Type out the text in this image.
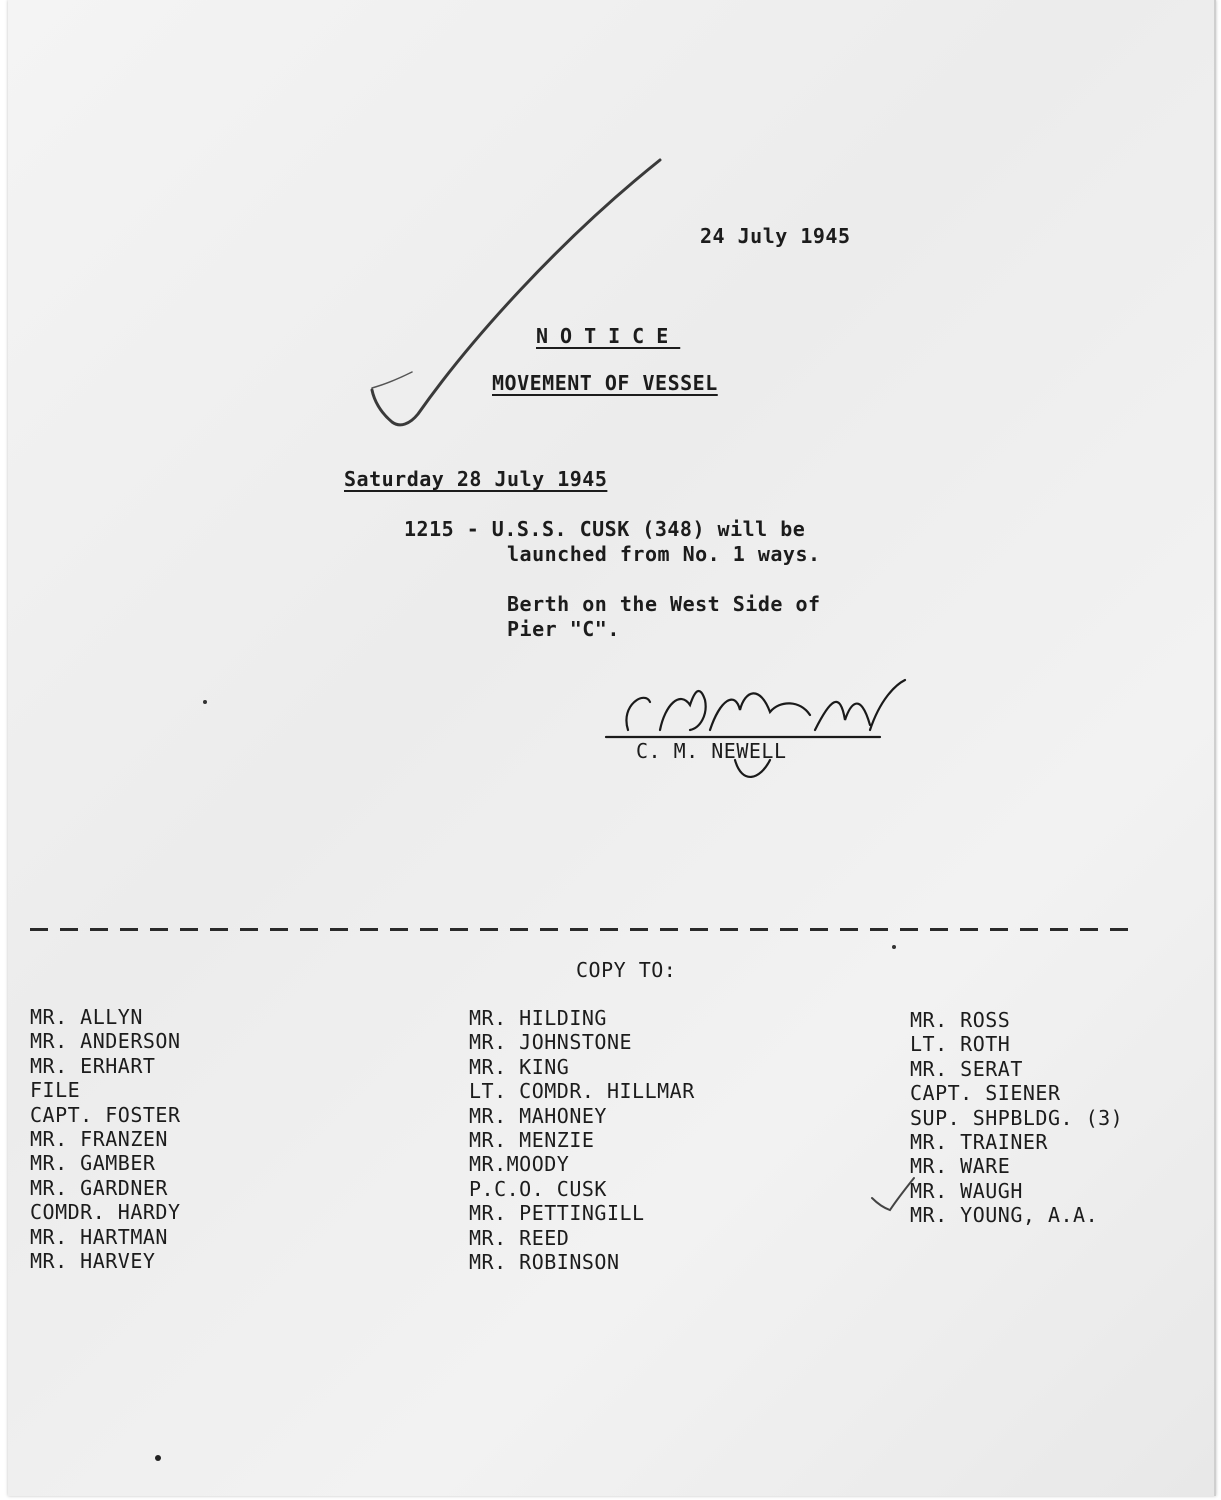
24 July 1945
NOTICE
MOVEMENT OF VESSEL
Saturday 28 July 1945
1215 - U.S.S. CUSK (348) will be
launched from No. 1 ways.
Berth on the West Side of
Pier "C".
C. M. NEWELL
COPY TO:
MR. ALLYN
MR. ANDERSON
MR. ERHART
FILE
CAPT. FOSTER
MR. FRANZEN
MR. GAMBER
MR. GARDNER
COMDR. HARDY
MR. HARTMAN
MR. HARVEY
MR. HILDING
MR. JOHNSTONE
MR. KING
LT. COMDR. HILLMAR
MR. MAHONEY
MR. MENZIE
MR.MOODY
P.C.O. CUSK
MR. PETTINGILL
MR. REED
MR. ROBINSON
MR. ROSS
LT. ROTH
MR. SERAT
CAPT. SIENER
SUP. SHPBLDG. (3)
MR. TRAINER
MR. WARE
MR. WAUGH
MR. YOUNG, A.A.
